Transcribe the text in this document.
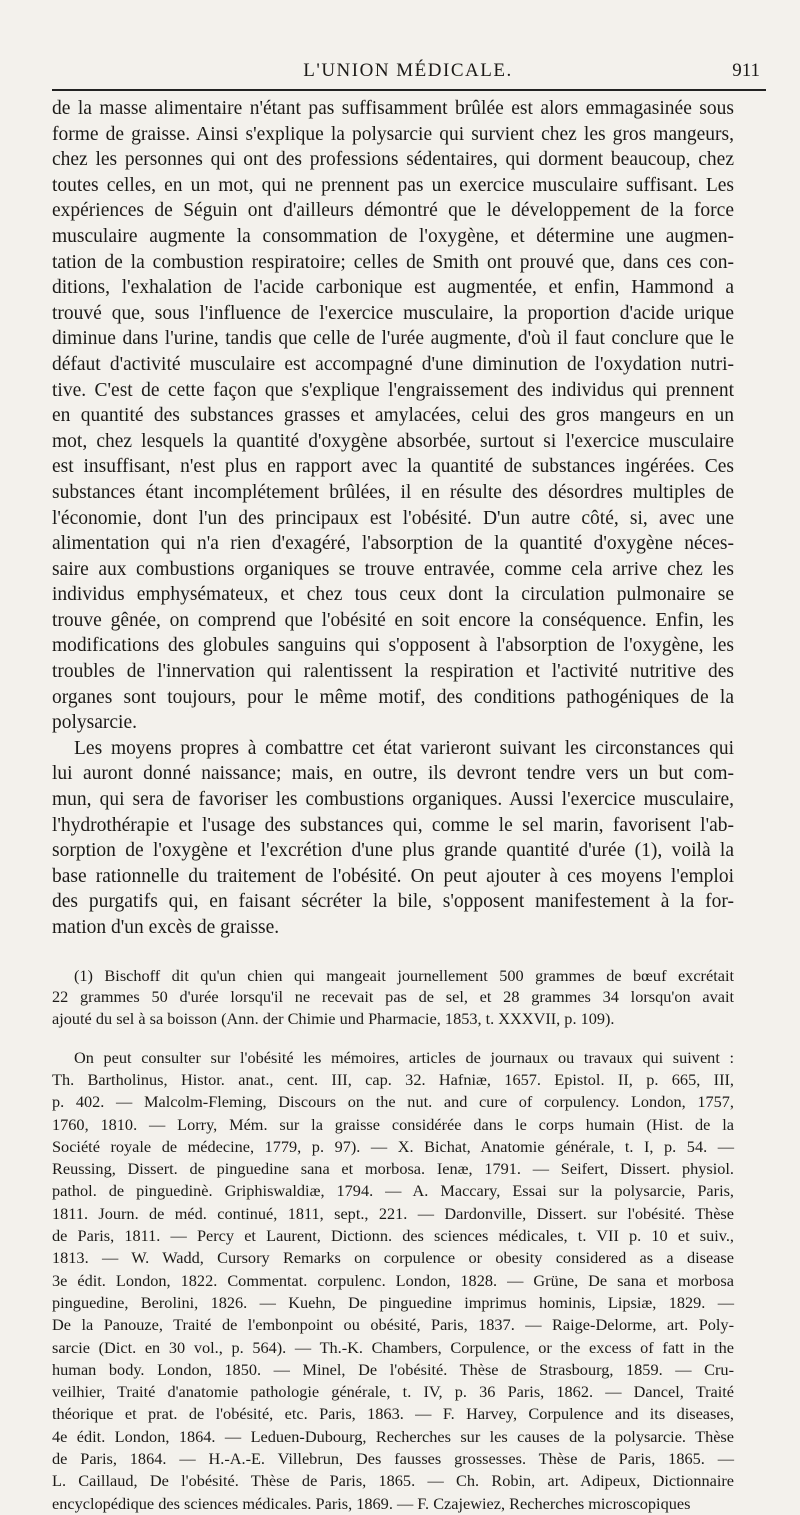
L'UNION MÉDICALE.	911

de la masse alimentaire n'étant pas suffisamment brûlée est alors emmagasinée sous
forme de graisse. Ainsi s'explique la polysarcie qui survient chez les gros mangeurs,
chez les personnes qui ont des professions sédentaires, qui dorment beaucoup, chez
toutes celles, en un mot, qui ne prennent pas un exercice musculaire suffisant. Les
expériences de Séguin ont d'ailleurs démontré que le développement de la force
musculaire augmente la consommation de l'oxygène, et détermine une augmen-
tation de la combustion respiratoire; celles de Smith ont prouvé que, dans ces con-
ditions, l'exhalation de l'acide carbonique est augmentée, et enfin, Hammond a
trouvé que, sous l'influence de l'exercice musculaire, la proportion d'acide urique
diminue dans l'urine, tandis que celle de l'urée augmente, d'où il faut conclure que le
défaut d'activité musculaire est accompagné d'une diminution de l'oxydation nutri-
tive. C'est de cette façon que s'explique l'engraissement des individus qui prennent
en quantité des substances grasses et amylacées, celui des gros mangeurs en un
mot, chez lesquels la quantité d'oxygène absorbée, surtout si l'exercice musculaire
est insuffisant, n'est plus en rapport avec la quantité de substances ingérées. Ces
substances étant incomplétement brûlées, il en résulte des désordres multiples de
l'économie, dont l'un des principaux est l'obésité. D'un autre côté, si, avec une
alimentation qui n'a rien d'exagéré, l'absorption de la quantité d'oxygène néces-
saire aux combustions organiques se trouve entravée, comme cela arrive chez les
individus emphysémateux, et chez tous ceux dont la circulation pulmonaire se
trouve gênée, on comprend que l'obésité en soit encore la conséquence. Enfin, les
modifications des globules sanguins qui s'opposent à l'absorption de l'oxygène, les
troubles de l'innervation qui ralentissent la respiration et l'activité nutritive des
organes sont toujours, pour le même motif, des conditions pathogéniques de la
polysarcie.

Les moyens propres à combattre cet état varieront suivant les circonstances qui
lui auront donné naissance; mais, en outre, ils devront tendre vers un but com-
mun, qui sera de favoriser les combustions organiques. Aussi l'exercice musculaire,
l'hydrothérapie et l'usage des substances qui, comme le sel marin, favorisent l'ab-
sorption de l'oxygène et l'excrétion d'une plus grande quantité d'urée (1), voilà la
base rationnelle du traitement de l'obésité. On peut ajouter à ces moyens l'emploi
des purgatifs qui, en faisant sécréter la bile, s'opposent manifestement à la for-
mation d'un excès de graisse.

(1) Bischoff dit qu'un chien qui mangeait journellement 500 grammes de bœuf excrétait
22 grammes 50 d'urée lorsqu'il ne recevait pas de sel, et 28 grammes 34 lorsqu'on avait
ajouté du sel à sa boisson (Ann. der Chimie und Pharmacie, 1853, t. XXXVII, p. 109).

On peut consulter sur l'obésité les mémoires, articles de journaux ou travaux qui suivent :
Th. Bartholinus, Histor. anat., cent. III, cap. 32. Hafniæ, 1657. Epistol. II, p. 665, III,
p. 402. — Malcolm-Fleming, Discours on the nut. and cure of corpulency. London, 1757,
1760, 1810. — Lorry, Mém. sur la graisse considérée dans le corps humain (Hist. de la
Société royale de médecine, 1779, p. 97). — X. Bichat, Anatomie générale, t. I, p. 54. —
Reussing, Dissert. de pinguedine sana et morbosa. Ienæ, 1791. — Seifert, Dissert. physiol.
pathol. de pinguedinè. Griphiswaldiæ, 1794. — A. Maccary, Essai sur la polysarcie, Paris,
1811. Journ. de méd. continué, 1811, sept., 221. — Dardonville, Dissert. sur l'obésité. Thèse
de Paris, 1811. — Percy et Laurent, Dictionn. des sciences médicales, t. VII p. 10 et suiv.,
1813. — W. Wadd, Cursory Remarks on corpulence or obesity considered as a disease
3e édit. London, 1822. Commentat. corpulenc. London, 1828. — Grüne, De sana et morbosa
pinguedine, Berolini, 1826. — Kuehn, De pinguedine imprimus hominis, Lipsiæ, 1829. —
De la Panouze, Traité de l'embonpoint ou obésité, Paris, 1837. — Raige-Delorme, art. Poly-
sarcie (Dict. en 30 vol., p. 564). — Th.-K. Chambers, Corpulence, or the excess of fatt in the
human body. London, 1850. — Minel, De l'obésité. Thèse de Strasbourg, 1859. — Cru-
veilhier, Traité d'anatomie pathologie générale, t. IV, p. 36 Paris, 1862. — Dancel, Traité
théorique et prat. de l'obésité, etc. Paris, 1863. — F. Harvey, Corpulence and its diseases,
4e édit. London, 1864. — Leduen-Dubourg, Recherches sur les causes de la polysarcie. Thèse
de Paris, 1864. — H.-A.-E. Villebrun, Des fausses grossesses. Thèse de Paris, 1865. —
L. Caillaud, De l'obésité. Thèse de Paris, 1865. — Ch. Robin, art. Adipeux, Dictionnaire
encyclopédique des sciences médicales. Paris, 1869. — F. Czajewiez, Recherches microscopiques
